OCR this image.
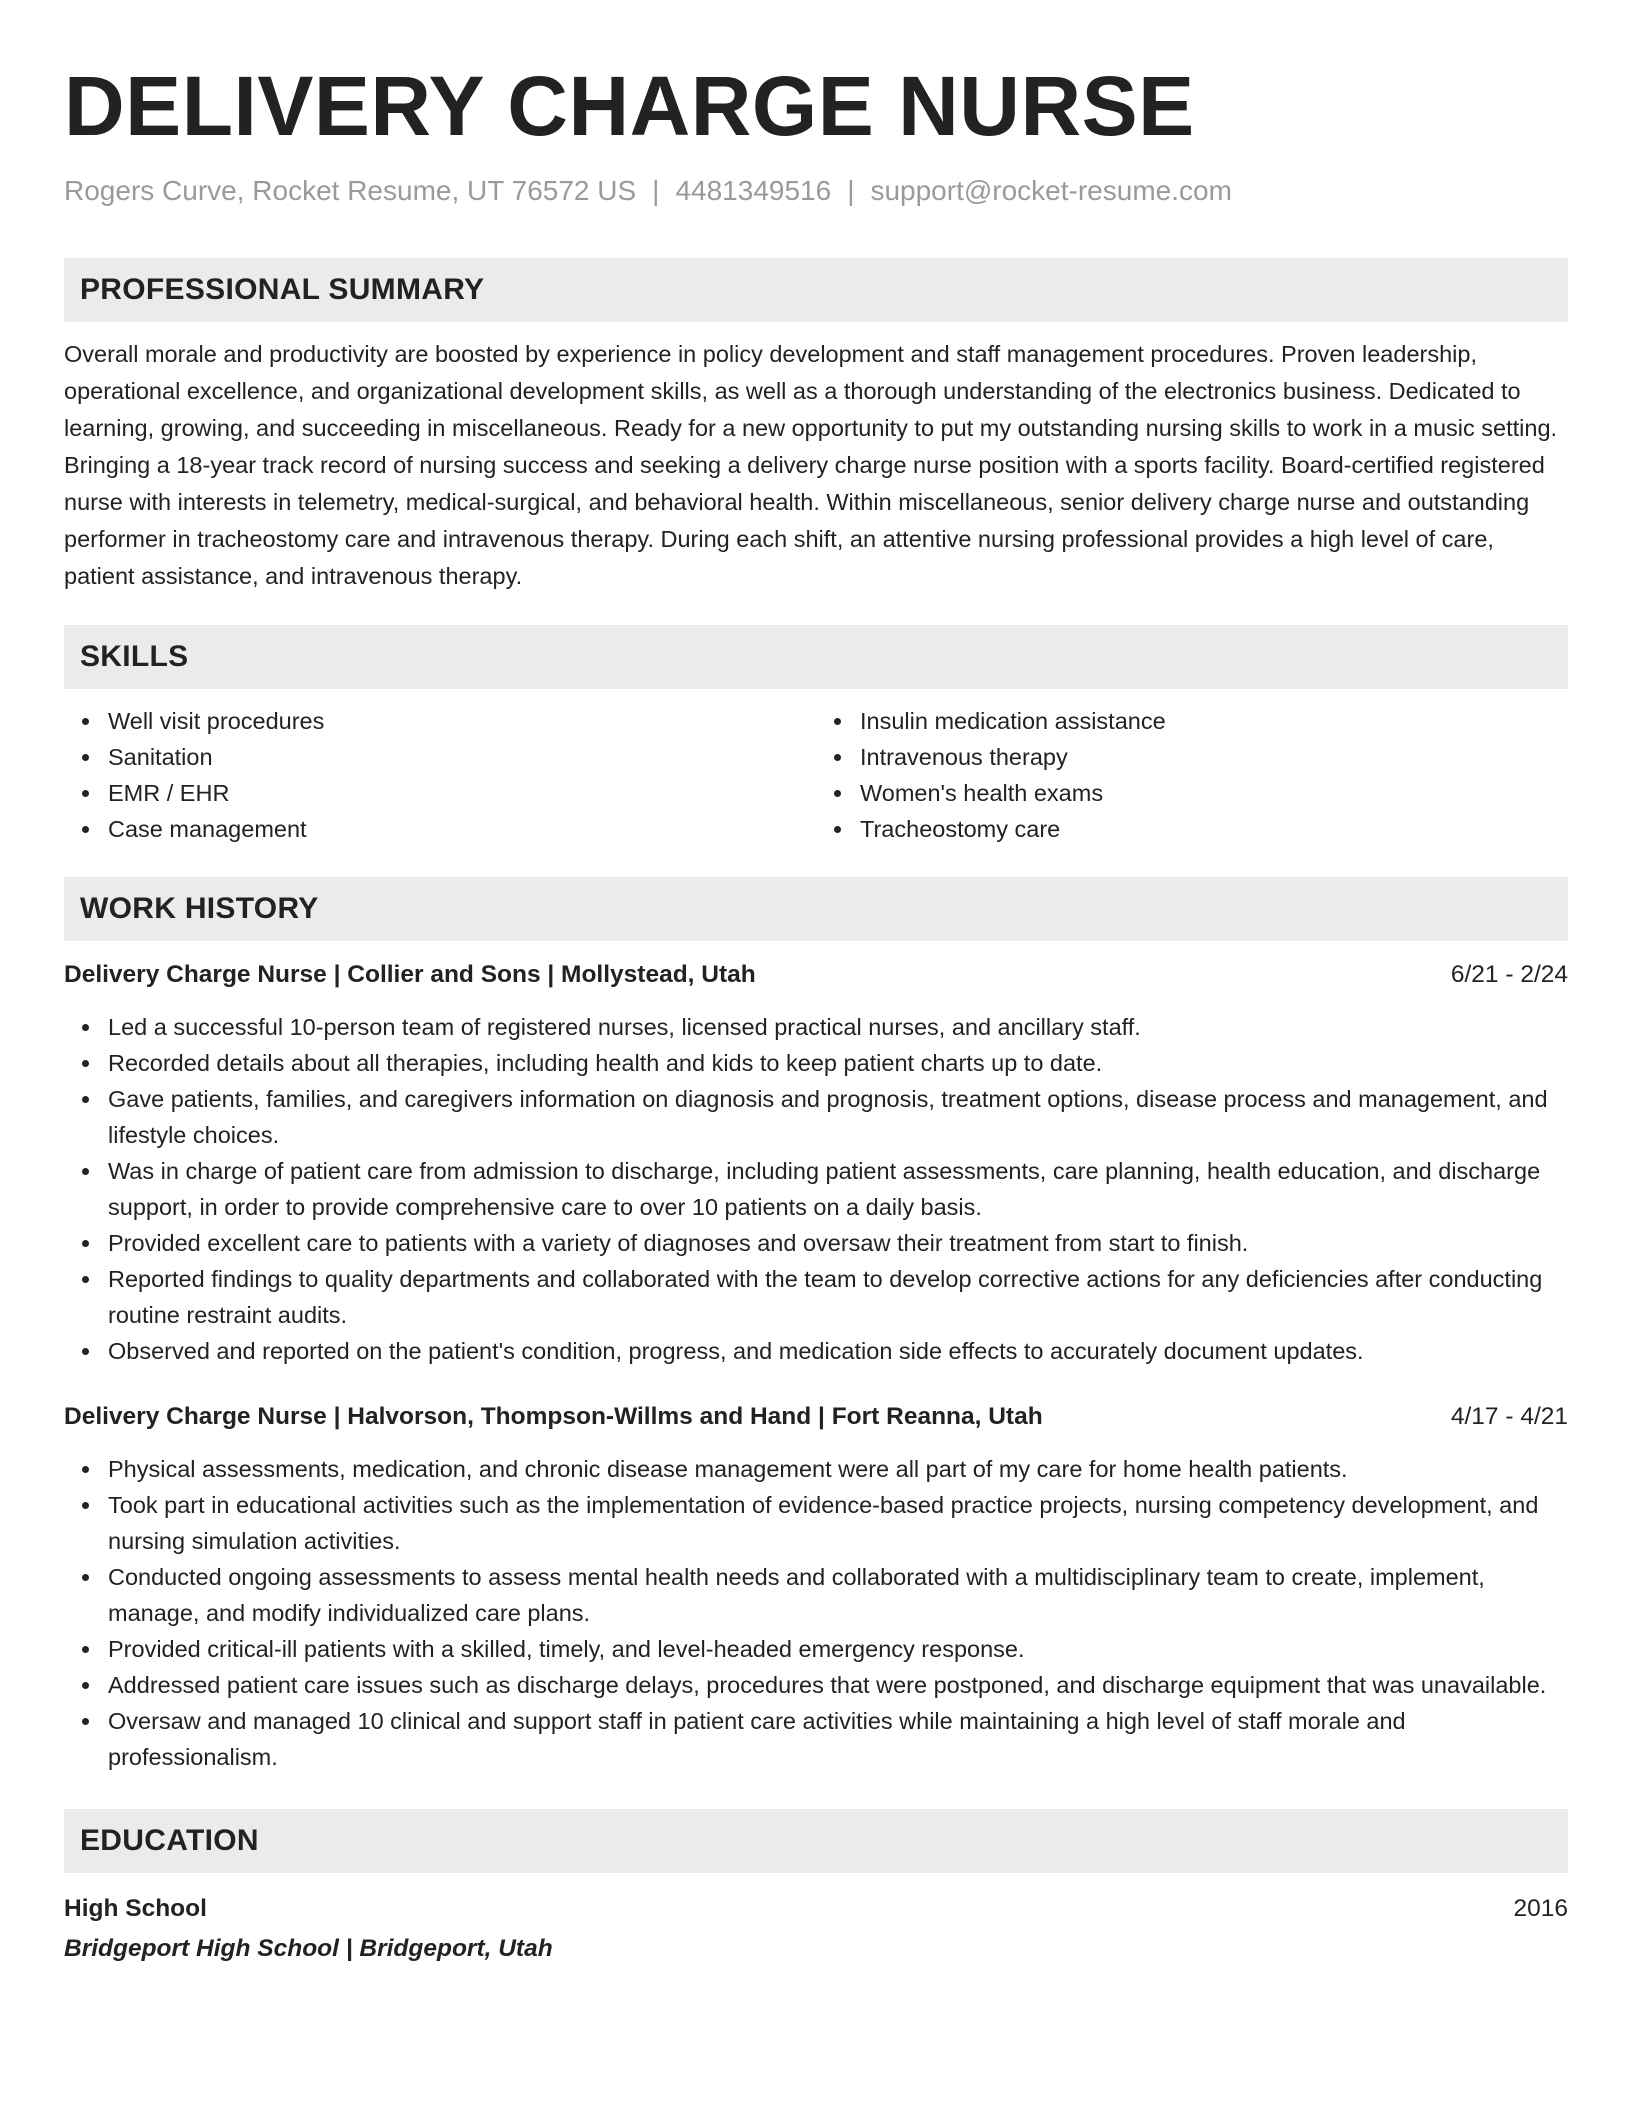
DELIVERY CHARGE NURSE
Rogers Curve, Rocket Resume, UT 76572 US | 4481349516 | support@rocket-resume.com
PROFESSIONAL SUMMARY

Overall morale and productivity are boosted by experience in policy development and staff management procedures. Proven leadership, operational excellence, and organizational development skills, as well as a thorough understanding of the electronics business. Dedicated to learning, growing, and succeeding in miscellaneous. Ready for a new opportunity to put my outstanding nursing skills to work in a music setting. Bringing a 18-year track record of nursing success and seeking a delivery charge nurse position with a sports facility. Board-certified registered nurse with interests in telemetry, medical-surgical, and behavioral health. Within miscellaneous, senior delivery charge nurse and outstanding performer in tracheostomy care and intravenous therapy. During each shift, an attentive nursing professional provides a high level of care, patient assistance, and intravenous therapy.

SKILLS
Well visit procedures
Sanitation
EMR / EHR
Case management
Insulin medication assistance
Intravenous therapy
Women's health exams
Tracheostomy care
WORK HISTORY
Delivery Charge Nurse | Collier and Sons | Mollystead, Utah	6/21 - 2/24
Led a successful 10-person team of registered nurses, licensed practical nurses, and ancillary staff.
Recorded details about all therapies, including health and kids to keep patient charts up to date.
Gave patients, families, and caregivers information on diagnosis and prognosis, treatment options, disease process and management, and lifestyle choices.
Was in charge of patient care from admission to discharge, including patient assessments, care planning, health education, and discharge support, in order to provide comprehensive care to over 10 patients on a daily basis.
Provided excellent care to patients with a variety of diagnoses and oversaw their treatment from start to finish.
Reported findings to quality departments and collaborated with the team to develop corrective actions for any deficiencies after conducting routine restraint audits.
Observed and reported on the patient's condition, progress, and medication side effects to accurately document updates.
Delivery Charge Nurse | Halvorson, Thompson-Willms and Hand | Fort Reanna, Utah	4/17 - 4/21
Physical assessments, medication, and chronic disease management were all part of my care for home health patients.
Took part in educational activities such as the implementation of evidence-based practice projects, nursing competency development, and nursing simulation activities.
Conducted ongoing assessments to assess mental health needs and collaborated with a multidisciplinary team to create, implement, manage, and modify individualized care plans.
Provided critical-ill patients with a skilled, timely, and level-headed emergency response.
Addressed patient care issues such as discharge delays, procedures that were postponed, and discharge equipment that was unavailable.
Oversaw and managed 10 clinical and support staff in patient care activities while maintaining a high level of staff morale and professionalism.
EDUCATION
High School	2016
Bridgeport High School | Bridgeport, Utah
